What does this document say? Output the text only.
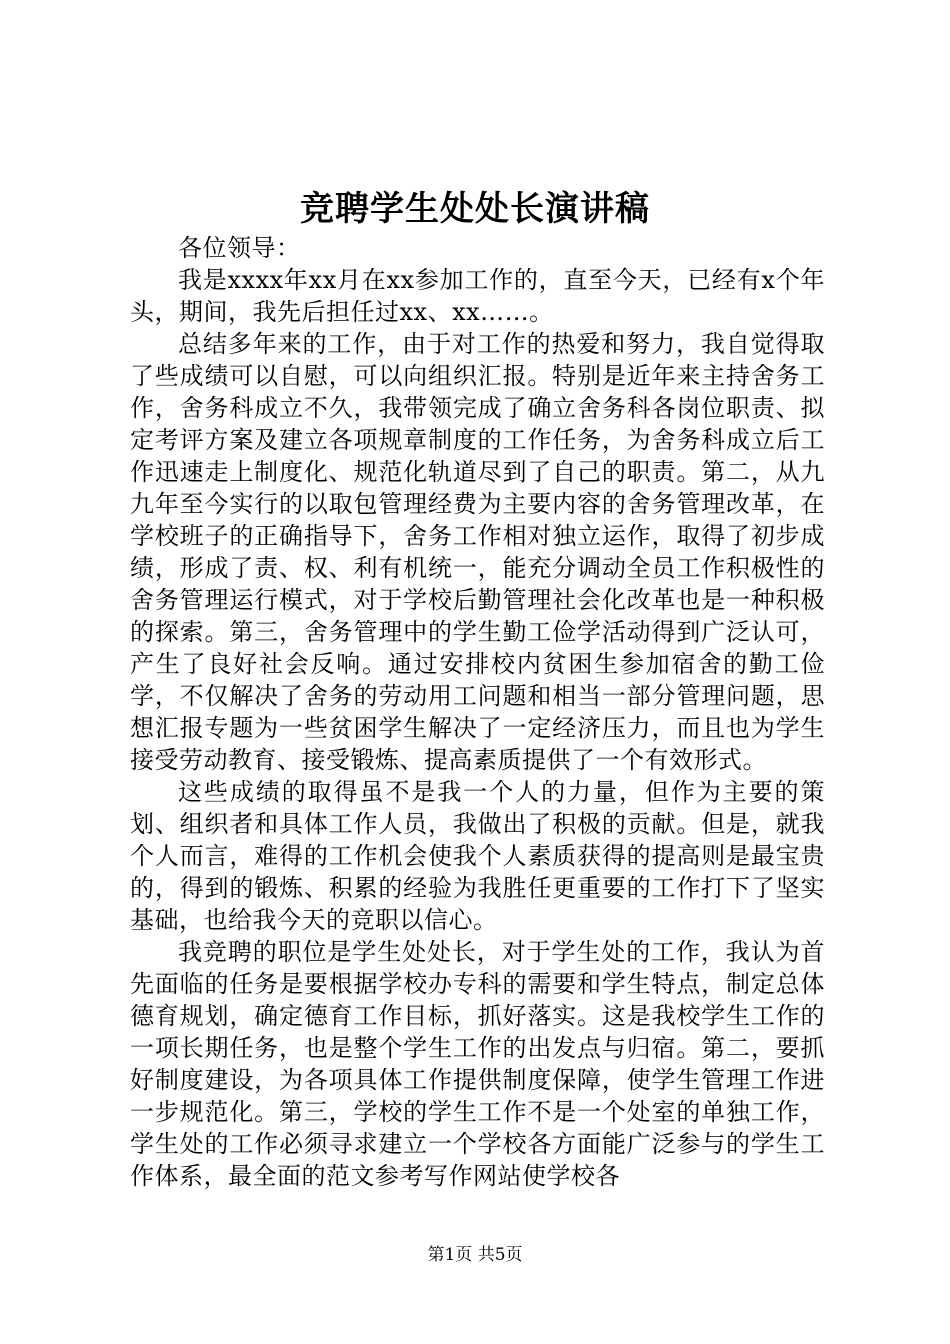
竞聘学生处处长演讲稿
各位领导：

我是xxxx年xx月在xx参加工作的，直至今天，已经有x个年头，期间，我先后担任过xx、xx……。

总结多年来的工作，由于对工作的热爱和努力，我自觉得取了些成绩可以自慰，可以向组织汇报。特别是近年来主持舍务工作，舍务科成立不久，我带领完成了确立舍务科各岗位职责、拟定考评方案及建立各项规章制度的工作任务，为舍务科成立后工作迅速走上制度化、规范化轨道尽到了自己的职责。第二，从九九年至今实行的以取包管理经费为主要内容的舍务管理改革，在学校班子的正确指导下，舍务工作相对独立运作，取得了初步成绩，形成了责、权、利有机统一，能充分调动全员工作积极性的舍务管理运行模式，对于学校后勤管理社会化改革也是一种积极的探索。第三，舍务管理中的学生勤工俭学活动得到广泛认可，产生了良好社会反响。通过安排校内贫困生参加宿舍的勤工俭学，不仅解决了舍务的劳动用工问题和相当一部分管理问题，思想汇报专题为一些贫困学生解决了一定经济压力，而且也为学生接受劳动教育、接受锻炼、提高素质提供了一个有效形式。

这些成绩的取得虽不是我一个人的力量，但作为主要的策划、组织者和具体工作人员，我做出了积极的贡献。但是，就我个人而言，难得的工作机会使我个人素质获得的提高则是最宝贵的，得到的锻炼、积累的经验为我胜任更重要的工作打下了坚实基础，也给我今天的竞职以信心。

我竞聘的职位是学生处处长，对于学生处的工作，我认为首先面临的任务是要根据学校办专科的需要和学生特点，制定总体德育规划，确定德育工作目标，抓好落实。这是我校学生工作的一项长期任务，也是整个学生工作的出发点与归宿。第二，要抓好制度建设，为各项具体工作提供制度保障，使学生管理工作进一步规范化。第三，学校的学生工作不是一个处室的单独工作，学生处的工作必须寻求建立一个学校各方面能广泛参与的学生工作体系，最全面的范文参考写作网站使学校各

第1页 共5页
